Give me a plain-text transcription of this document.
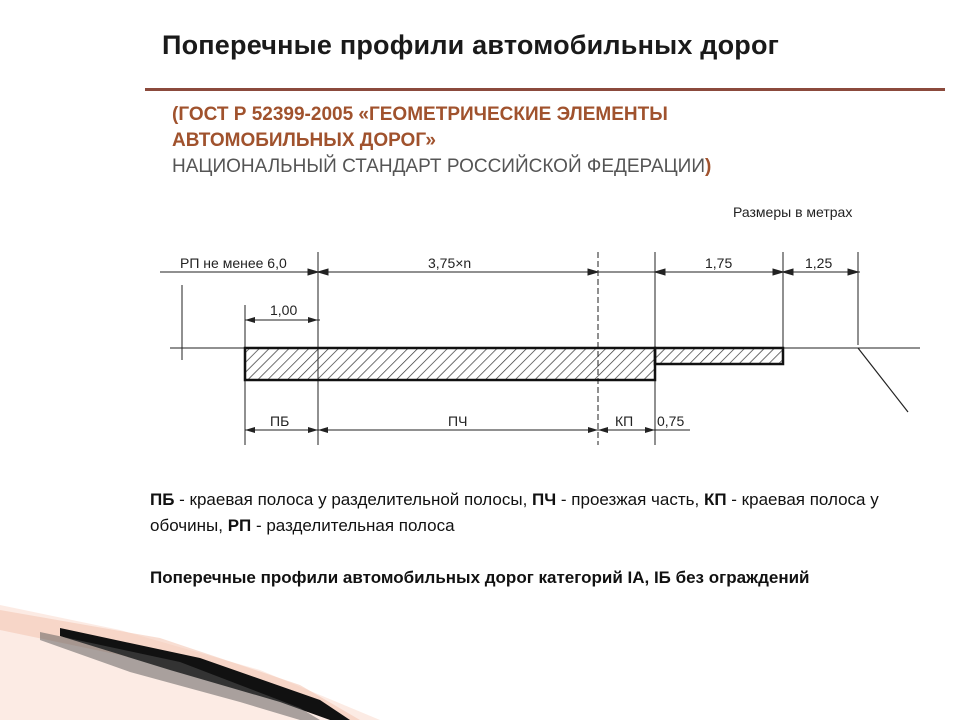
Поперечные профили автомобильных дорог
(ГОСТ Р 52399-2005 «ГЕОМЕТРИЧЕСКИЕ ЭЛЕМЕНТЫ
АВТОМОБИЛЬНЫХ ДОРОГ»
НАЦИОНАЛЬНЫЙ СТАНДАРТ РОССИЙСКОЙ ФЕДЕРАЦИИ)
Размеры в метрах
РП не менее 6,0	3,75×n	1,75	1,25
1,00
ПБ	ПЧ	КП 0,75
ПБ - краевая полоса у разделительной полосы, ПЧ - проезжая часть, КП - краевая полоса у обочины, РП - разделительная полоса
Поперечные профили автомобильных дорог категорий IA, IБ без ограждений
